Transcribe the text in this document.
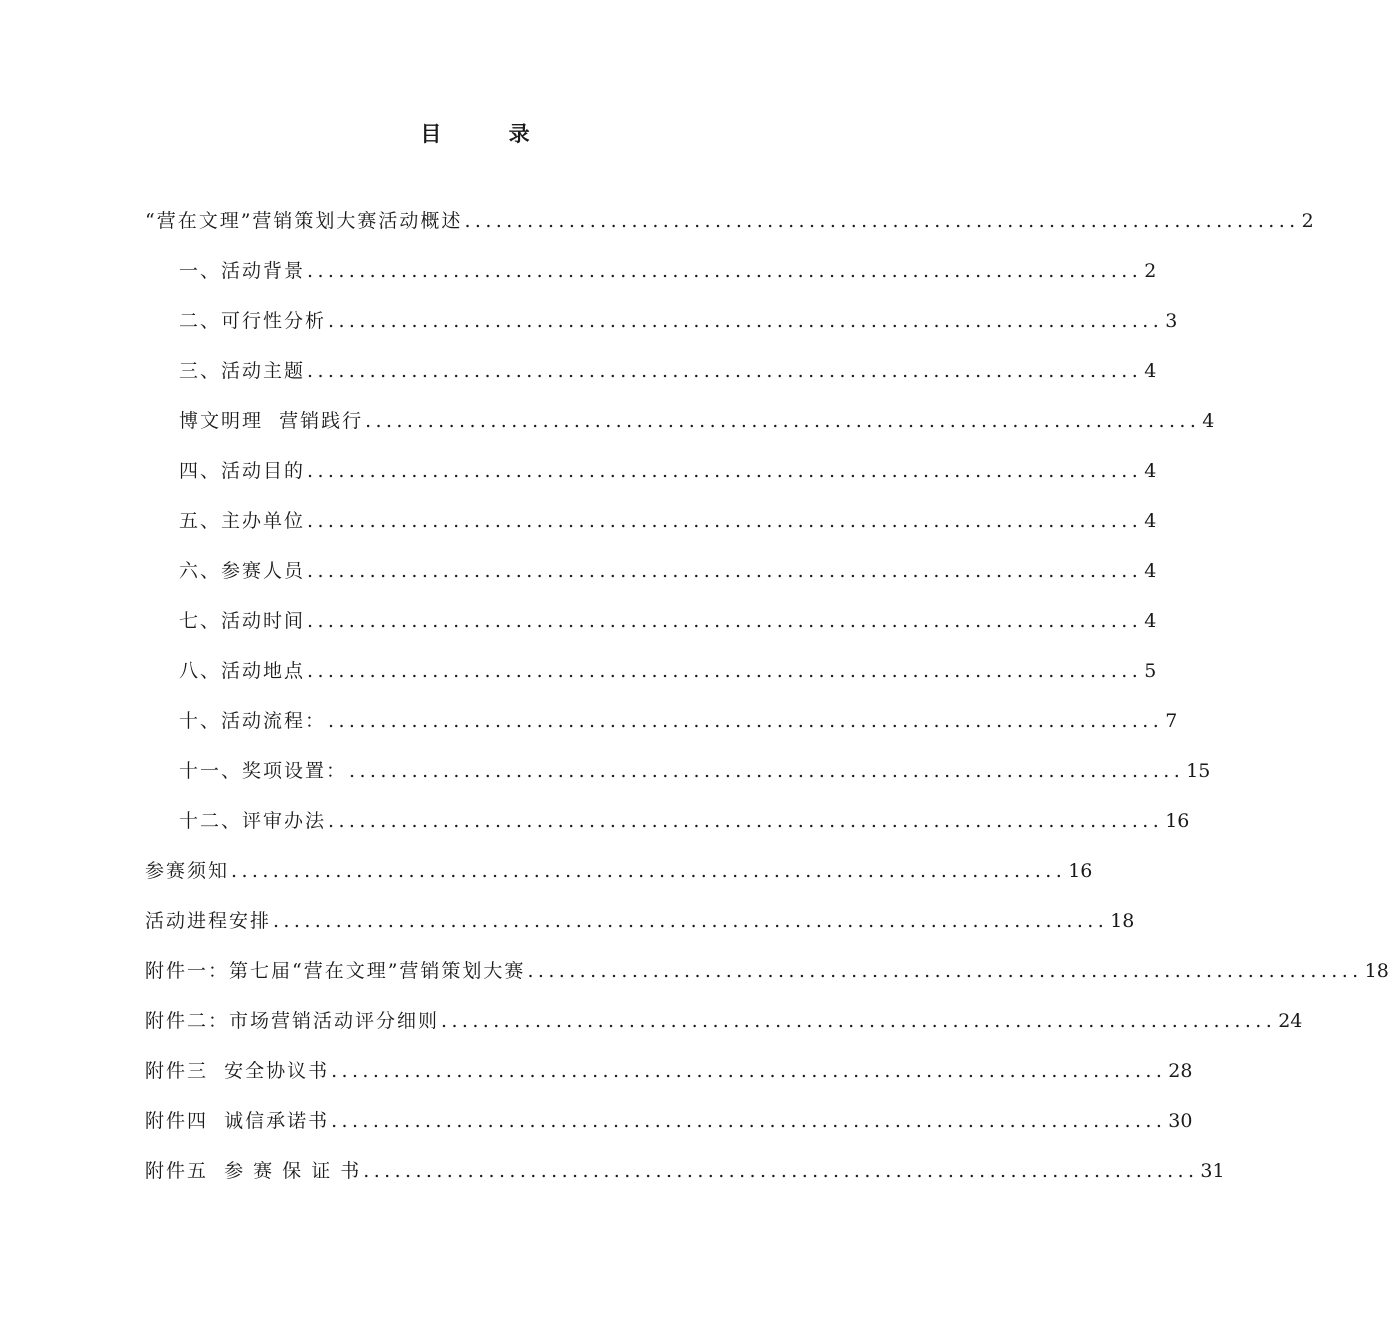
目 录
“营在文理”营销策划大赛活动概述 ................................................................................ 2
一、活动背景 ................................................................................ 2
二、可行性分析 ................................................................................ 3
三、活动主题 ................................................................................ 4
博文明理  营销践行 ................................................................................ 4
四、活动目的 ................................................................................ 4
五、主办单位 ................................................................................ 4
六、参赛人员 ................................................................................ 4
七、活动时间 ................................................................................ 4
八、活动地点 ................................................................................ 5
十、活动流程： ................................................................................ 7
十一、奖项设置： ................................................................................ 15
十二、评审办法 ................................................................................ 16
参赛须知 ................................................................................ 16
活动进程安排 ................................................................................ 18
附件一：第七届“营在文理”营销策划大赛 ................................................................................ 18
附件二：市场营销活动评分细则 ................................................................................ 24
附件三  安全协议书 ................................................................................ 28
附件四  诚信承诺书 ................................................................................ 30
附件五  参 赛 保 证 书 ................................................................................ 31
